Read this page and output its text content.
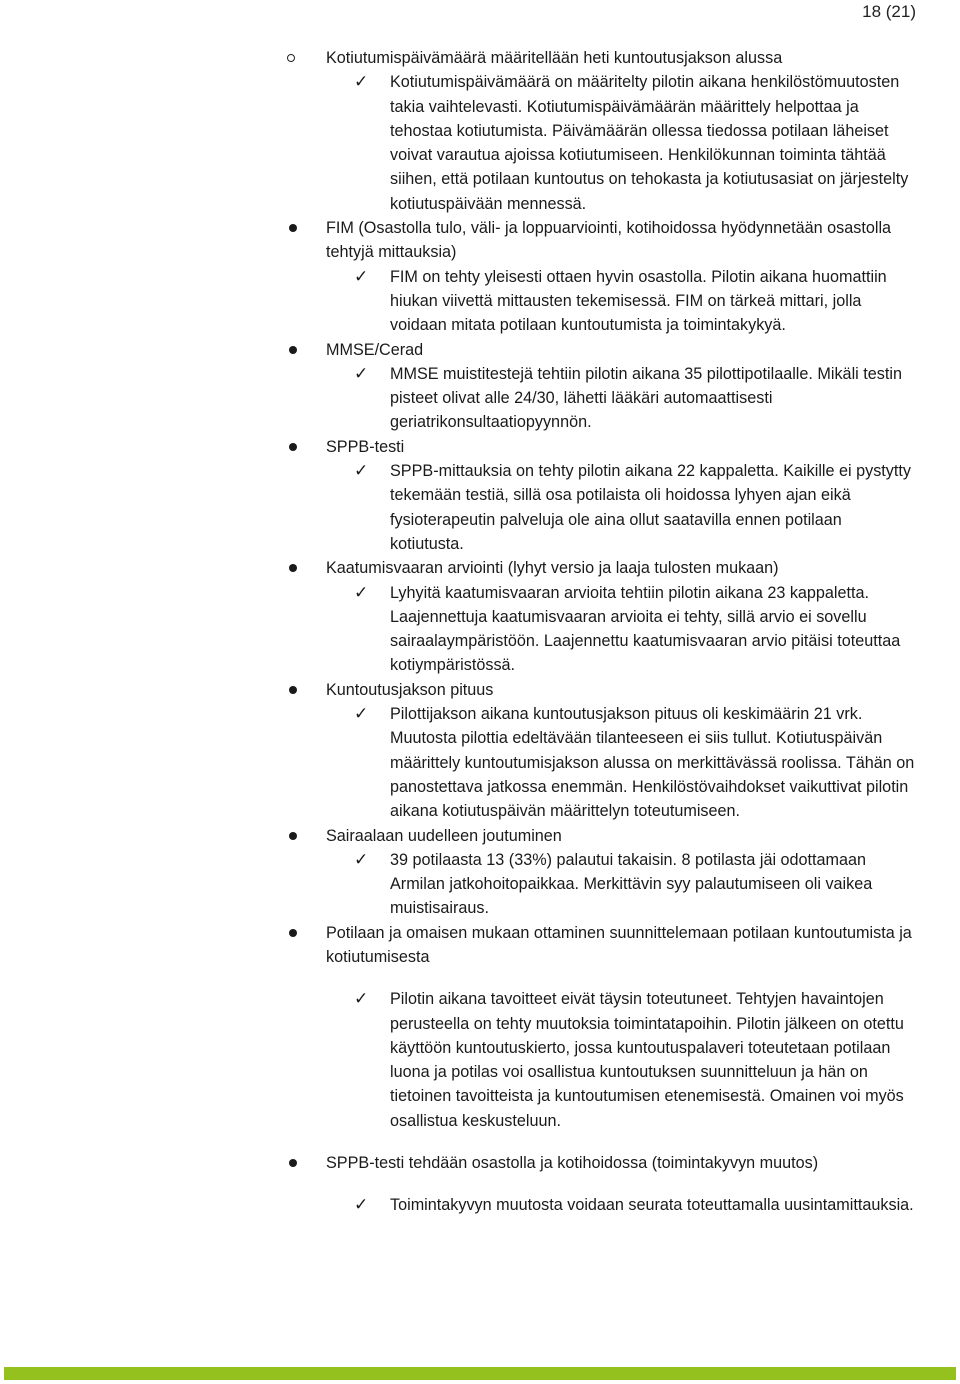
18 (21)
Kotiutumispäivämäärä määritellään heti kuntoutusjakson alussa
✓ Kotiutumispäivämäärä on määritelty pilotin aikana henkilöstömuutosten takia vaihtelevasti. Kotiutumispäivämäärän määrittely helpottaa ja tehostaa kotiutumista. Päivämäärän ollessa tiedossa potilaan läheiset voivat varautua ajoissa kotiutumiseen. Henkilökunnan toiminta tähtää siihen, että potilaan kuntoutus on tehokasta ja kotiutusasiat on järjestelty kotiutuspäivään mennessä.
FIM (Osastolla tulo, väli- ja loppuarviointi, kotihoidossa hyödynnetään osastolla tehtyjä mittauksia)
✓ FIM on tehty yleisesti ottaen hyvin osastolla. Pilotin aikana huomattiin hiukan viivettä mittausten tekemisessä. FIM on tärkeä mittari, jolla voidaan mitata potilaan kuntoutumista ja toimintakykyä.
MMSE/Cerad
✓ MMSE muistitestejä tehtiin pilotin aikana 35 pilottipotilaalle. Mikäli testin pisteet olivat alle 24/30, lähetti lääkäri automaattisesti geriatrikonsultaatiopyynnön.
SPPB-testi
✓ SPPB-mittauksia on tehty pilotin aikana 22 kappaletta. Kaikille ei pystytty tekemään testiä, sillä osa potilaista oli hoidossa lyhyen ajan eikä fysioterapeutin palveluja ole aina ollut saatavilla ennen potilaan kotiutusta.
Kaatumisvaaran arviointi (lyhyt versio ja laaja tulosten mukaan)
✓ Lyhyitä kaatumisvaaran arvioita tehtiin pilotin aikana 23 kappaletta. Laajennettuja kaatumisvaaran arvioita ei tehty, sillä arvio ei sovellu sairaalaympäristöön. Laajennettu kaatumisvaaran arvio pitäisi toteuttaa kotiympäristössä.
Kuntoutusjakson pituus
✓ Pilottijakson aikana kuntoutusjakson pituus oli keskimäärin 21 vrk. Muutosta pilottia edeltävään tilanteeseen ei siis tullut. Kotiutuspäivän määrittely kuntoutumisjakson alussa on merkittävässä roolissa. Tähän on panostettava jatkossa enemmän. Henkilöstövaihdokset vaikuttivat pilotin aikana kotiutuspäivän määrittelyn toteutumiseen.
Sairaalaan uudelleen joutuminen
✓ 39 potilaasta 13 (33%) palautui takaisin. 8 potilasta jäi odottamaan Armilan jatkohoitopaikkaa. Merkittävin syy palautumiseen oli vaikea muistisairaus.
Potilaan ja omaisen mukaan ottaminen suunnittelemaan potilaan kuntoutumista ja kotiutumisesta
✓ Pilotin aikana tavoitteet eivät täysin toteutuneet. Tehtyjen havaintojen perusteella on tehty muutoksia toimintatapoihin. Pilotin jälkeen on otettu käyttöön kuntoutuskierto, jossa kuntoutuspalaveri toteutetaan potilaan luona ja potilas voi osallistua kuntoutuksen suunnitteluun ja hän on tietoinen tavoitteista ja kuntoutumisen etenemisestä. Omainen voi myös osallistua keskusteluun.
SPPB-testi tehdään osastolla ja kotihoidossa (toimintakyvyn muutos)
✓ Toimintakyvyn muutosta voidaan seurata toteuttamalla uusintamittauksia.
